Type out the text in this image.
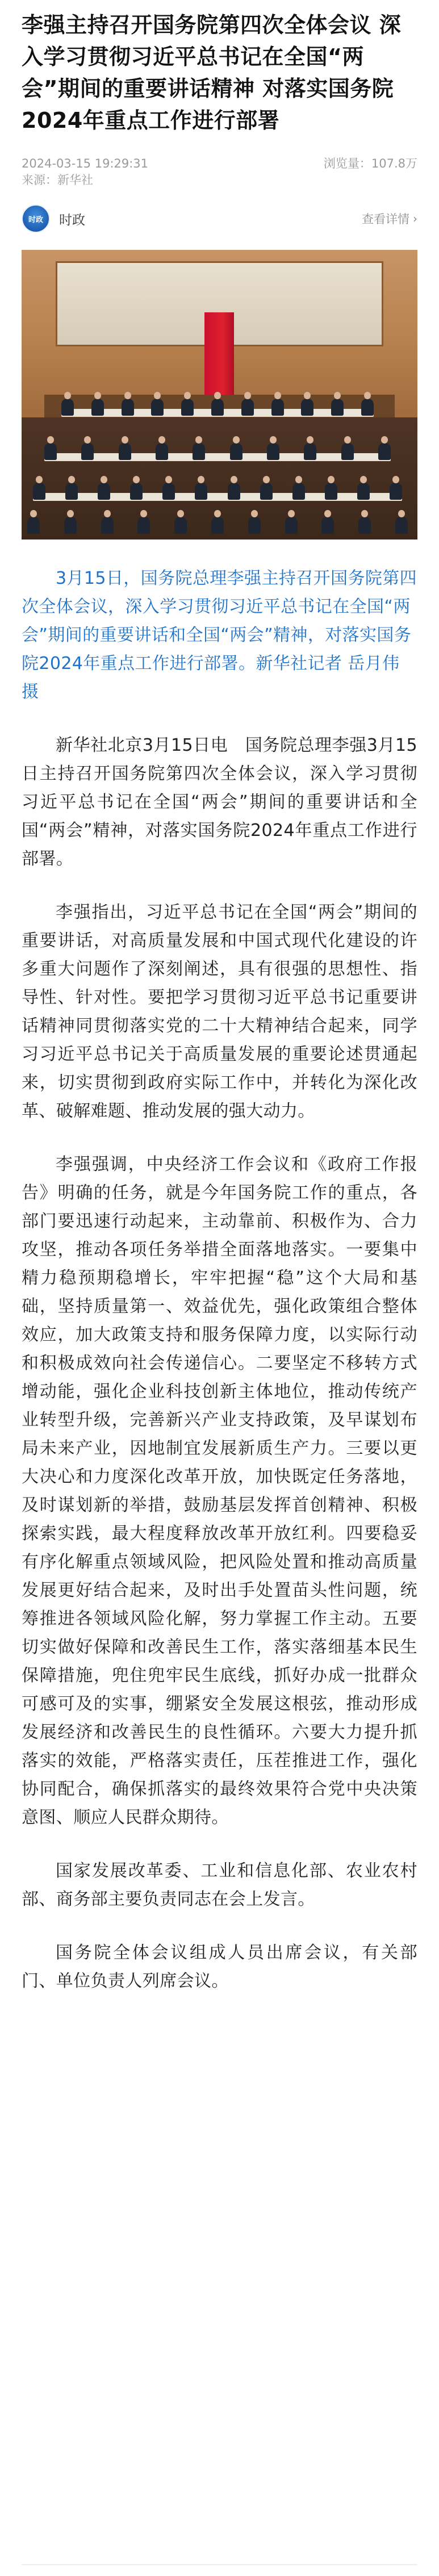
李强主持召开国务院第四次全体会议 深入学习贯彻习近平总书记在全国“两会”期间的重要讲话精神 对落实国务院2024年重点工作进行部署
2024-03-15 19:29:31	浏览量：107.8万
来源：新华社
时政	时政	查看详情 ›

3月15日，国务院总理李强主持召开国务院第四次全体会议，深入学习贯彻习近平总书记在全国“两会”期间的重要讲话和全国“两会”精神，对落实国务院2024年重点工作进行部署。新华社记者 岳月伟 摄

新华社北京3月15日电　国务院总理李强3月15日主持召开国务院第四次全体会议，深入学习贯彻习近平总书记在全国“两会”期间的重要讲话和全国“两会”精神，对落实国务院2024年重点工作进行部署。

李强指出，习近平总书记在全国“两会”期间的重要讲话，对高质量发展和中国式现代化建设的许多重大问题作了深刻阐述，具有很强的思想性、指导性、针对性。要把学习贯彻习近平总书记重要讲话精神同贯彻落实党的二十大精神结合起来，同学习习近平总书记关于高质量发展的重要论述贯通起来，切实贯彻到政府实际工作中，并转化为深化改革、破解难题、推动发展的强大动力。

李强强调，中央经济工作会议和《政府工作报告》明确的任务，就是今年国务院工作的重点，各部门要迅速行动起来，主动靠前、积极作为、合力攻坚，推动各项任务举措全面落地落实。一要集中精力稳预期稳增长，牢牢把握“稳”这个大局和基础，坚持质量第一、效益优先，强化政策组合整体效应，加大政策支持和服务保障力度，以实际行动和积极成效向社会传递信心。二要坚定不移转方式增动能，强化企业科技创新主体地位，推动传统产业转型升级，完善新兴产业支持政策，及早谋划布局未来产业，因地制宜发展新质生产力。三要以更大决心和力度深化改革开放，加快既定任务落地，及时谋划新的举措，鼓励基层发挥首创精神、积极探索实践，最大程度释放改革开放红利。四要稳妥有序化解重点领域风险，把风险处置和推动高质量发展更好结合起来，及时出手处置苗头性问题，统筹推进各领域风险化解，努力掌握工作主动。五要切实做好保障和改善民生工作，落实落细基本民生保障措施，兜住兜牢民生底线，抓好办成一批群众可感可及的实事，绷紧安全发展这根弦，推动形成发展经济和改善民生的良性循环。六要大力提升抓落实的效能，严格落实责任，压茬推进工作，强化协同配合，确保抓落实的最终效果符合党中央决策意图、顺应人民群众期待。

国家发展改革委、工业和信息化部、农业农村部、商务部主要负责同志在会上发言。

国务院全体会议组成人员出席会议，有关部门、单位负责人列席会议。
